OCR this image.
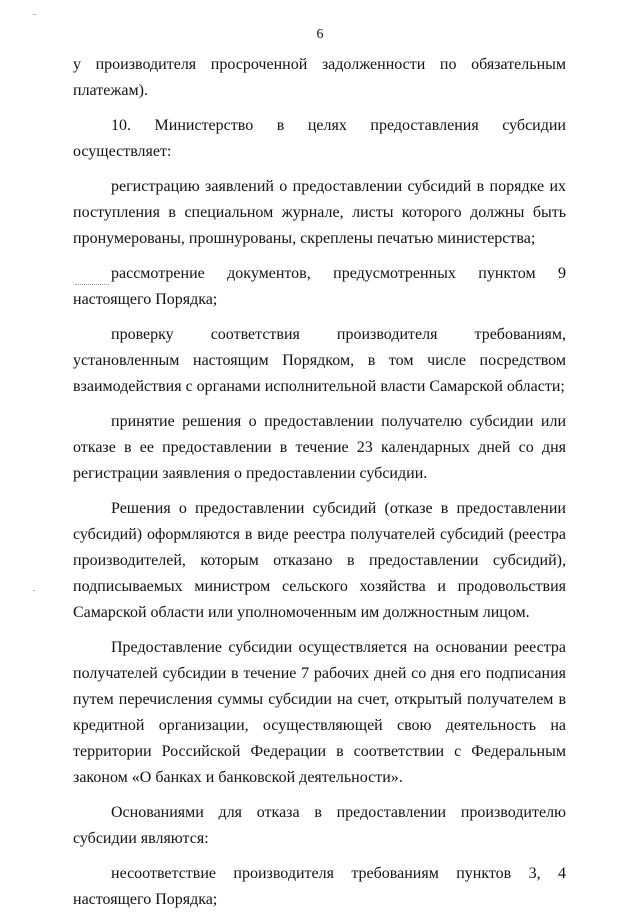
6

у производителя просроченной задолженности по обязательным платежам).

10. Министерство в целях предоставления субсидии осуществляет:

регистрацию заявлений о предоставлении субсидий в порядке их поступления в специальном журнале, листы которого должны быть пронумерованы, прошнурованы, скреплены печатью министерства;

рассмотрение документов, предусмотренных пунктом 9 настоящего Порядка;

проверку соответствия производителя требованиям, установленным настоящим Порядком, в том числе посредством взаимодействия с органами исполнительной власти Самарской области;

принятие решения о предоставлении получателю субсидии или отказе в ее предоставлении в течение 23 календарных дней со дня регистрации заявления о предоставлении субсидии.

Решения о предоставлении субсидий (отказе в предоставлении субсидий) оформляются в виде реестра получателей субсидий (реестра производителей, которым отказано в предоставлении субсидий), подписываемых министром сельского хозяйства и продовольствия Самарской области или уполномоченным им должностным лицом.

Предоставление субсидии осуществляется на основании реестра получателей субсидии в течение 7 рабочих дней со дня его подписания путем перечисления суммы субсидии на счет, открытый получателем в кредитной организации, осуществляющей свою деятельность на территории Российской Федерации в соответствии с Федеральным законом «О банках и банковской деятельности».

Основаниями для отказа в предоставлении производителю субсидии являются:

несоответствие производителя требованиям пунктов 3, 4 настоящего Порядка;
